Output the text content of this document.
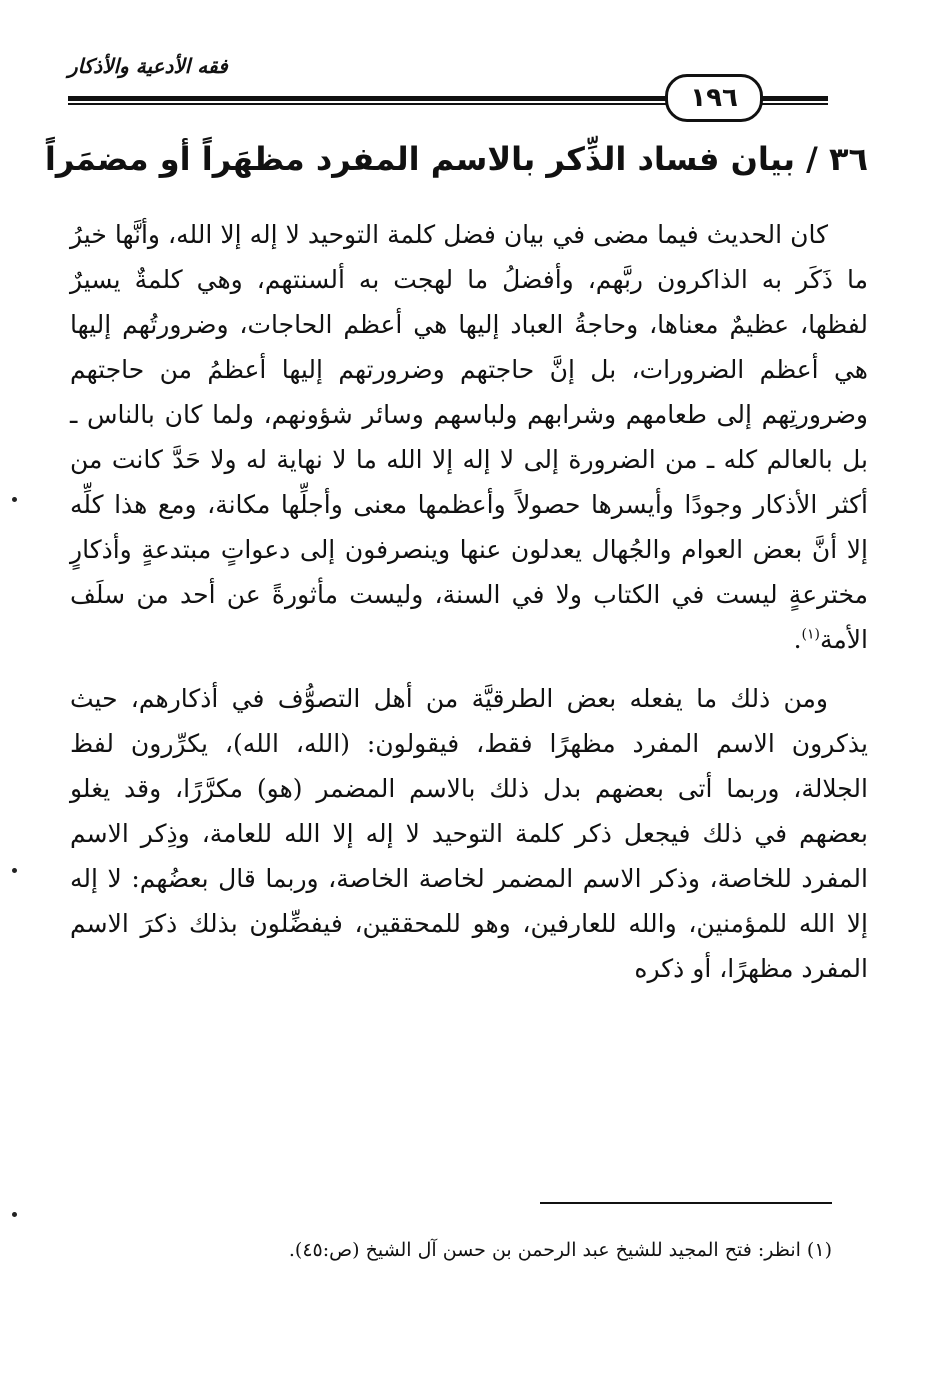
فقه الأدعية والأذكار
١٩٦
٣٦ / بيان فساد الذِّكر بالاسم المفرد مظهَراً أو مضمَراً

كان الحديث فيما مضى في بيان فضل كلمة التوحيد لا إله إلا الله، وأنَّها خيرُ ما ذَكَر به الذاكرون ربَّهم، وأفضلُ ما لهجت به ألسنتهم، وهي كلمةٌ يسيرٌ لفظها، عظيمٌ معناها، وحاجةُ العباد إليها هي أعظم الحاجات، وضرورتُهم إليها هي أعظم الضرورات، بل إنَّ حاجتهم وضرورتهم إليها أعظمُ من حاجتهم وضرورتِهم إلى طعامهم وشرابهم ولباسهم وسائر شؤونهم، ولما كان بالناس ـ بل بالعالم كله ـ من الضرورة إلى لا إله إلا الله ما لا نهاية له ولا حَدَّ كانت من أكثر الأذكار وجودًا وأيسرها حصولاً وأعظمها معنى وأجلِّها مكانة، ومع هذا كلِّه إلا أنَّ بعض العوام والجُهال يعدلون عنها وينصرفون إلى دعواتٍ مبتدعةٍ وأذكارٍ مخترعةٍ ليست في الكتاب ولا في السنة، وليست مأثورةً عن أحد من سلَف الأمة$^{(١)}$.

ومن ذلك ما يفعله بعض الطرقيَّة من أهل التصوُّف في أذكارهم، حيث يذكرون الاسم المفرد مظهرًا فقط، فيقولون: (الله، الله)، يكرِّرون لفظ الجلالة، وربما أتى بعضهم بدل ذلك بالاسم المضمر (هو) مكرَّرًا، وقد يغلو بعضهم في ذلك فيجعل ذكر كلمة التوحيد لا إله إلا الله للعامة، وذِكر الاسم المفرد للخاصة، وذكر الاسم المضمر لخاصة الخاصة، وربما قال بعضُهم: لا إله إلا الله للمؤمنين، والله للعارفين، وهو للمحققين، فيفضِّلون بذلك ذكرَ الاسم المفرد مظهرًا، أو ذكره

(١) انظر: فتح المجيد للشيخ عبد الرحمن بن حسن آل الشيخ (ص:٤٥).
